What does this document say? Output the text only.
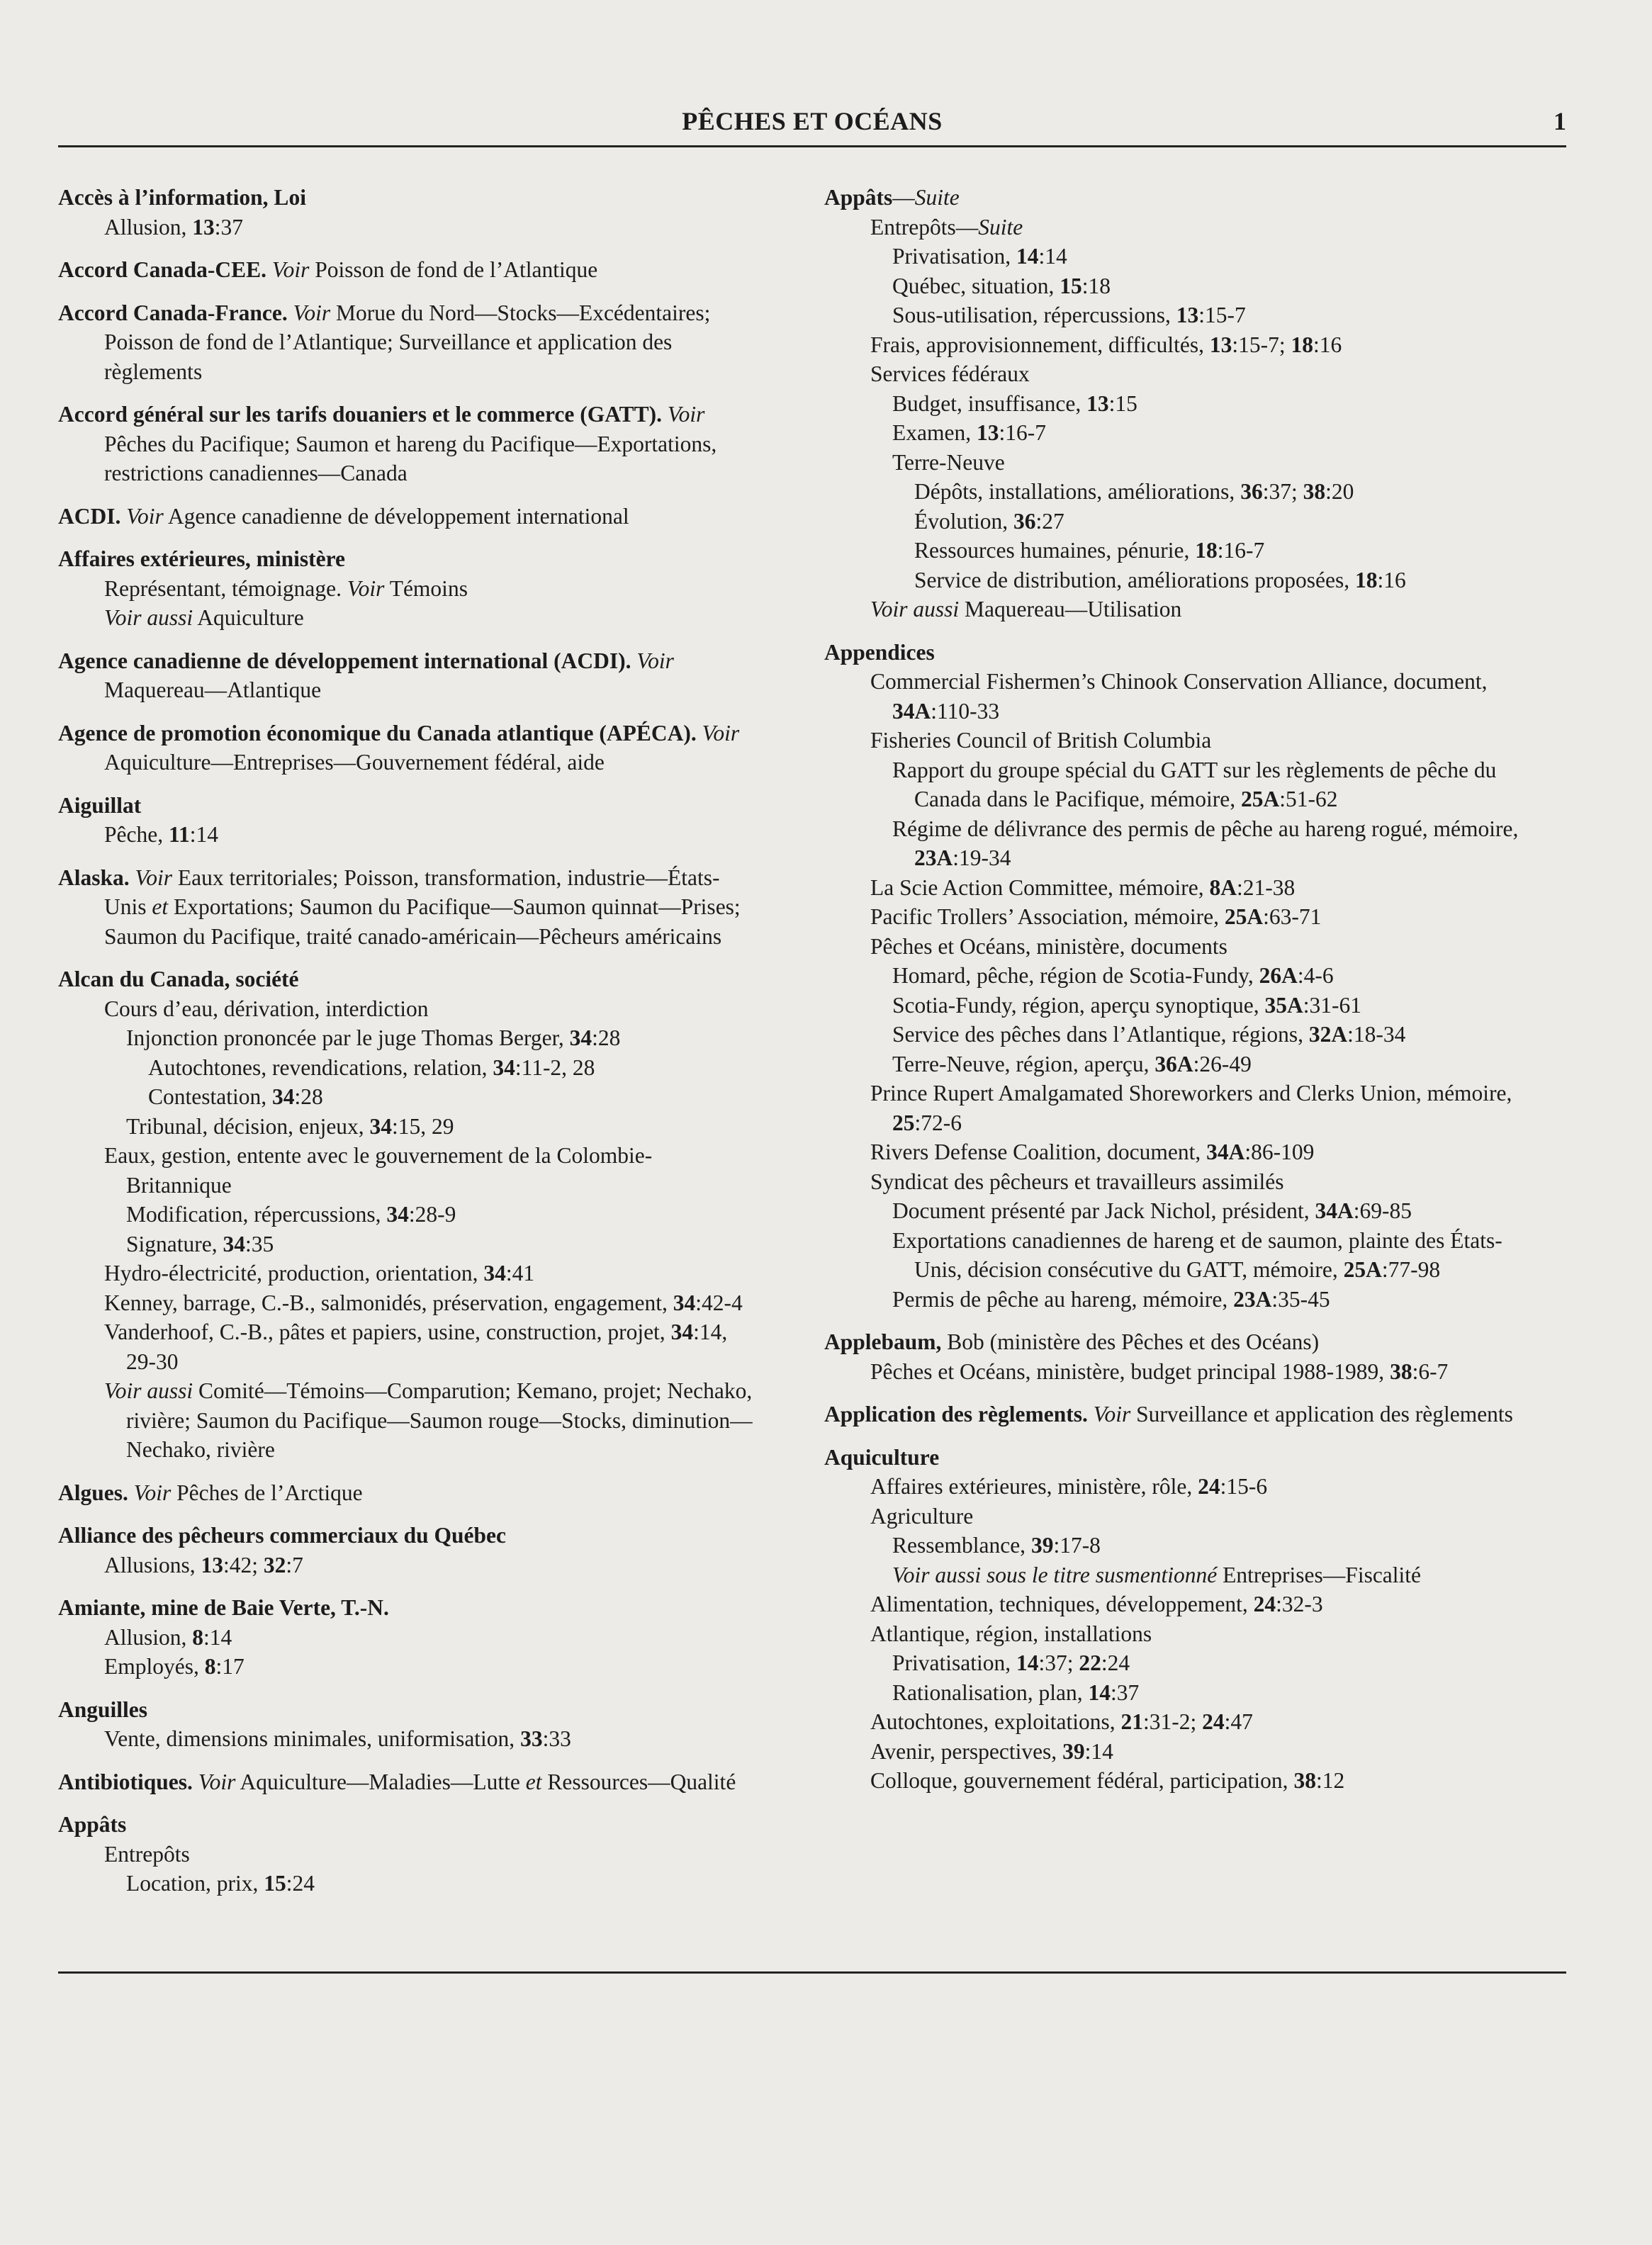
PÊCHES ET OCÉANS	1
Accès à l’information, Loi
Allusion, 13:37
Accord Canada-CEE. Voir Poisson de fond de l’Atlantique
Accord Canada-France. Voir Morue du Nord—Stocks—Excédentaires; Poisson de fond de l’Atlantique; Surveillance et application des règlements
Accord général sur les tarifs douaniers et le commerce (GATT). Voir Pêches du Pacifique; Saumon et hareng du Pacifique—Exportations, restrictions canadiennes—Canada
ACDI. Voir Agence canadienne de développement international
Affaires extérieures, ministère
Représentant, témoignage. Voir Témoins
Voir aussi Aquiculture
Agence canadienne de développement international (ACDI). Voir Maquereau—Atlantique
Agence de promotion économique du Canada atlantique (APÉCA). Voir Aquiculture—Entreprises—Gouvernement fédéral, aide
Aiguillat
Pêche, 11:14
Alaska. Voir Eaux territoriales; Poisson, transformation, industrie—États-Unis et Exportations; Saumon du Pacifique—Saumon quinnat—Prises; Saumon du Pacifique, traité canado-américain—Pêcheurs américains
Alcan du Canada, société
Cours d’eau, dérivation, interdiction
Injonction prononcée par le juge Thomas Berger, 34:28
Autochtones, revendications, relation, 34:11-2, 28
Contestation, 34:28
Tribunal, décision, enjeux, 34:15, 29
Eaux, gestion, entente avec le gouvernement de la Colombie-Britannique
Modification, répercussions, 34:28-9
Signature, 34:35
Hydro-électricité, production, orientation, 34:41
Kenney, barrage, C.-B., salmonidés, préservation, engagement, 34:42-4
Vanderhoof, C.-B., pâtes et papiers, usine, construction, projet, 34:14, 29-30
Voir aussi Comité—Témoins—Comparution; Kemano, projet; Nechako, rivière; Saumon du Pacifique—Saumon rouge—Stocks, diminution—Nechako, rivière
Algues. Voir Pêches de l’Arctique
Alliance des pêcheurs commerciaux du Québec
Allusions, 13:42; 32:7
Amiante, mine de Baie Verte, T.-N.
Allusion, 8:14
Employés, 8:17
Anguilles
Vente, dimensions minimales, uniformisation, 33:33
Antibiotiques. Voir Aquiculture—Maladies—Lutte et Ressources—Qualité
Appâts
Entrepôts
Location, prix, 15:24
Appâts—Suite
Entrepôts—Suite
Privatisation, 14:14
Québec, situation, 15:18
Sous-utilisation, répercussions, 13:15-7
Frais, approvisionnement, difficultés, 13:15-7; 18:16
Services fédéraux
Budget, insuffisance, 13:15
Examen, 13:16-7
Terre-Neuve
Dépôts, installations, améliorations, 36:37; 38:20
Évolution, 36:27
Ressources humaines, pénurie, 18:16-7
Service de distribution, améliorations proposées, 18:16
Voir aussi Maquereau—Utilisation
Appendices
Commercial Fishermen’s Chinook Conservation Alliance, document, 34A:110-33
Fisheries Council of British Columbia
Rapport du groupe spécial du GATT sur les règlements de pêche du Canada dans le Pacifique, mémoire, 25A:51-62
Régime de délivrance des permis de pêche au hareng rogué, mémoire, 23A:19-34
La Scie Action Committee, mémoire, 8A:21-38
Pacific Trollers’ Association, mémoire, 25A:63-71
Pêches et Océans, ministère, documents
Homard, pêche, région de Scotia-Fundy, 26A:4-6
Scotia-Fundy, région, aperçu synoptique, 35A:31-61
Service des pêches dans l’Atlantique, régions, 32A:18-34
Terre-Neuve, région, aperçu, 36A:26-49
Prince Rupert Amalgamated Shoreworkers and Clerks Union, mémoire, 25:72-6
Rivers Defense Coalition, document, 34A:86-109
Syndicat des pêcheurs et travailleurs assimilés
Document présenté par Jack Nichol, président, 34A:69-85
Exportations canadiennes de hareng et de saumon, plainte des États-Unis, décision consécutive du GATT, mémoire, 25A:77-98
Permis de pêche au hareng, mémoire, 23A:35-45
Applebaum, Bob (ministère des Pêches et des Océans)
Pêches et Océans, ministère, budget principal 1988-1989, 38:6-7
Application des règlements. Voir Surveillance et application des règlements
Aquiculture
Affaires extérieures, ministère, rôle, 24:15-6
Agriculture
Ressemblance, 39:17-8
Voir aussi sous le titre susmentionné Entreprises—Fiscalité
Alimentation, techniques, développement, 24:32-3
Atlantique, région, installations
Privatisation, 14:37; 22:24
Rationalisation, plan, 14:37
Autochtones, exploitations, 21:31-2; 24:47
Avenir, perspectives, 39:14
Colloque, gouvernement fédéral, participation, 38:12
